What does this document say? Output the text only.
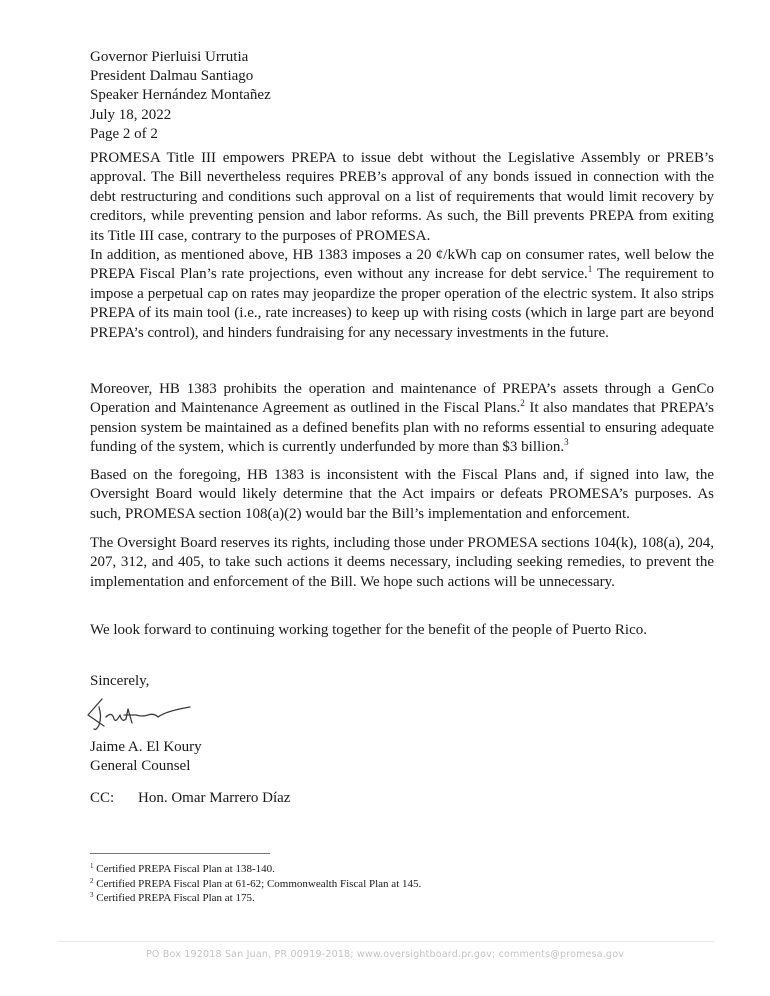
Governor Pierluisi Urrutia
President Dalmau Santiago
Speaker Hernández Montañez
July 18, 2022
Page 2 of 2
PROMESA Title III empowers PREPA to issue debt without the Legislative Assembly or PREB’s approval. The Bill nevertheless requires PREB’s approval of any bonds issued in connection with the debt restructuring and conditions such approval on a list of requirements that would limit recovery by creditors, while preventing pension and labor reforms. As such, the Bill prevents PREPA from exiting its Title III case, contrary to the purposes of PROMESA.
In addition, as mentioned above, HB 1383 imposes a 20 ¢/kWh cap on consumer rates, well below the PREPA Fiscal Plan’s rate projections, even without any increase for debt service.$^1$ The requirement to impose a perpetual cap on rates may jeopardize the proper operation of the electric system. It also strips PREPA of its main tool (i.e., rate increases) to keep up with rising costs (which in large part are beyond PREPA’s control), and hinders fundraising for any necessary investments in the future.
Moreover, HB 1383 prohibits the operation and maintenance of PREPA’s assets through a GenCo Operation and Maintenance Agreement as outlined in the Fiscal Plans.$^2$ It also mandates that PREPA’s pension system be maintained as a defined benefits plan with no reforms essential to ensuring adequate funding of the system, which is currently underfunded by more than $3 billion.$^3$
Based on the foregoing, HB 1383 is inconsistent with the Fiscal Plans and, if signed into law, the Oversight Board would likely determine that the Act impairs or defeats PROMESA’s purposes. As such, PROMESA section 108(a)(2) would bar the Bill’s implementation and enforcement.
The Oversight Board reserves its rights, including those under PROMESA sections 104(k), 108(a), 204, 207, 312, and 405, to take such actions it deems necessary, including seeking remedies, to prevent the implementation and enforcement of the Bill. We hope such actions will be unnecessary.
We look forward to continuing working together for the benefit of the people of Puerto Rico.
Sincerely,
Jaime A. El Koury
General Counsel
CC: Hon. Omar Marrero Díaz
$^1$ Certified PREPA Fiscal Plan at 138-140.
$^2$ Certified PREPA Fiscal Plan at 61-62; Commonwealth Fiscal Plan at 145.
$^3$ Certified PREPA Fiscal Plan at 175.
PO Box 192018 San Juan, PR 00919-2018; www.oversightboard.pr.gov; comments@promesa.gov
